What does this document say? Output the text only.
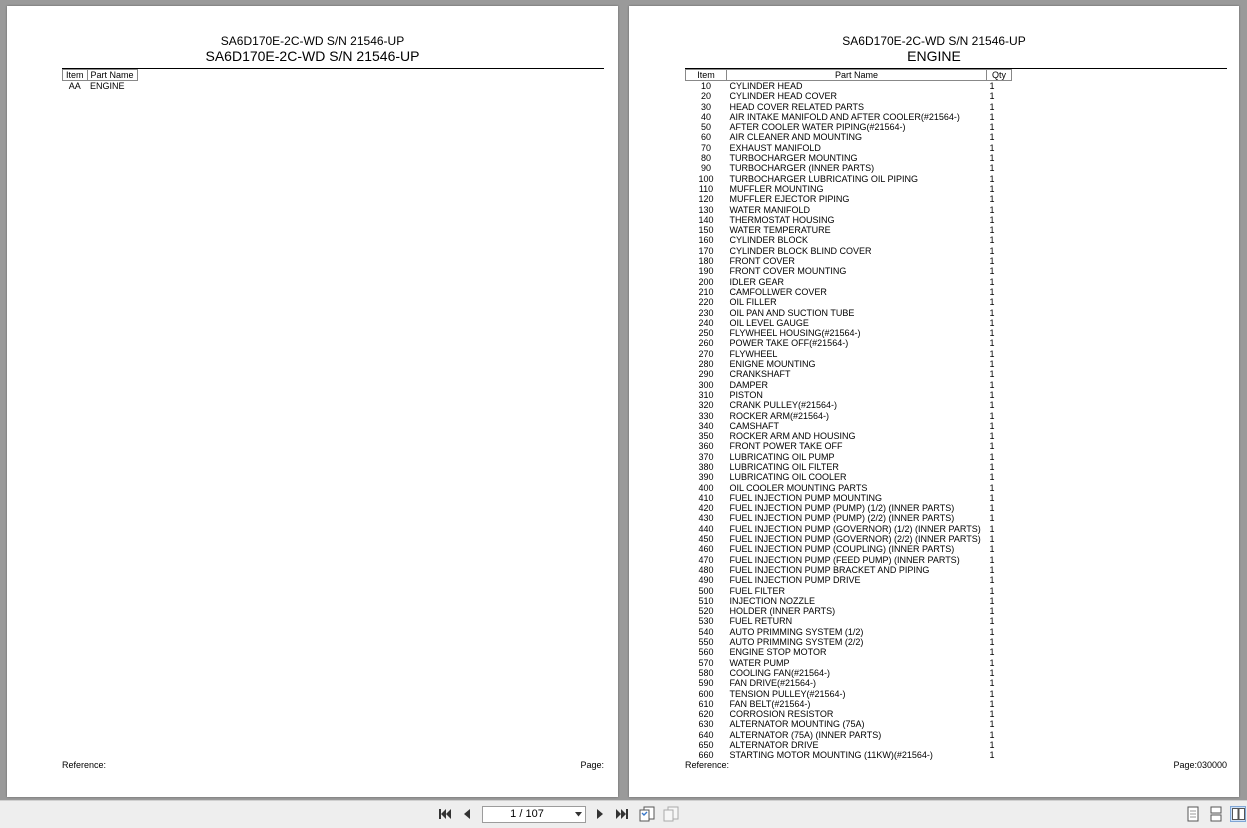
SA6D170E-2C-WD S/N 21546-UP
SA6D170E-2C-WD S/N 21546-UP
Item	Part Name
AA	ENGINE
Reference:	Page:
SA6D170E-2C-WD S/N 21546-UP
ENGINE
Item	Part Name	Qty
10	CYLINDER HEAD	1
20	CYLINDER HEAD COVER	1
30	HEAD COVER RELATED PARTS	1
40	AIR INTAKE MANIFOLD AND AFTER COOLER(#21564-)	1
50	AFTER COOLER WATER PIPING(#21564-)	1
60	AIR CLEANER AND MOUNTING	1
70	EXHAUST MANIFOLD	1
80	TURBOCHARGER MOUNTING	1
90	TURBOCHARGER (INNER PARTS)	1
100	TURBOCHARGER LUBRICATING OIL PIPING	1
110	MUFFLER MOUNTING	1
120	MUFFLER EJECTOR PIPING	1
130	WATER MANIFOLD	1
140	THERMOSTAT HOUSING	1
150	WATER TEMPERATURE	1
160	CYLINDER BLOCK	1
170	CYLINDER BLOCK BLIND COVER	1
180	FRONT COVER	1
190	FRONT COVER MOUNTING	1
200	IDLER GEAR	1
210	CAMFOLLWER COVER	1
220	OIL FILLER	1
230	OIL PAN AND SUCTION TUBE	1
240	OIL LEVEL GAUGE	1
250	FLYWHEEL HOUSING(#21564-)	1
260	POWER TAKE OFF(#21564-)	1
270	FLYWHEEL	1
280	ENIGNE MOUNTING	1
290	CRANKSHAFT	1
300	DAMPER	1
310	PISTON	1
320	CRANK PULLEY(#21564-)	1
330	ROCKER ARM(#21564-)	1
340	CAMSHAFT	1
350	ROCKER ARM AND HOUSING	1
360	FRONT POWER TAKE OFF	1
370	LUBRICATING OIL PUMP	1
380	LUBRICATING OIL FILTER	1
390	LUBRICATING OIL COOLER	1
400	OIL COOLER MOUNTING PARTS	1
410	FUEL INJECTION PUMP MOUNTING	1
420	FUEL INJECTION PUMP (PUMP) (1/2) (INNER PARTS)	1
430	FUEL INJECTION PUMP (PUMP) (2/2) (INNER PARTS)	1
440	FUEL INJECTION PUMP (GOVERNOR) (1/2) (INNER PARTS)	1
450	FUEL INJECTION PUMP (GOVERNOR) (2/2) (INNER PARTS)	1
460	FUEL INJECTION PUMP (COUPLING) (INNER PARTS)	1
470	FUEL INJECTION PUMP (FEED PUMP) (INNER PARTS)	1
480	FUEL INJECTION PUMP BRACKET AND PIPING	1
490	FUEL INJECTION PUMP DRIVE	1
500	FUEL FILTER	1
510	INJECTION NOZZLE	1
520	HOLDER (INNER PARTS)	1
530	FUEL RETURN	1
540	AUTO PRIMMING SYSTEM (1/2)	1
550	AUTO PRIMMING SYSTEM (2/2)	1
560	ENGINE STOP MOTOR	1
570	WATER PUMP	1
580	COOLING FAN(#21564-)	1
590	FAN DRIVE(#21564-)	1
600	TENSION PULLEY(#21564-)	1
610	FAN BELT(#21564-)	1
620	CORROSION RESISTOR	1
630	ALTERNATOR MOUNTING (75A)	1
640	ALTERNATOR (75A) (INNER PARTS)	1
650	ALTERNATOR DRIVE	1
660	STARTING MOTOR MOUNTING (11KW)(#21564-)	1
Reference:	Page:030000
1 / 107
